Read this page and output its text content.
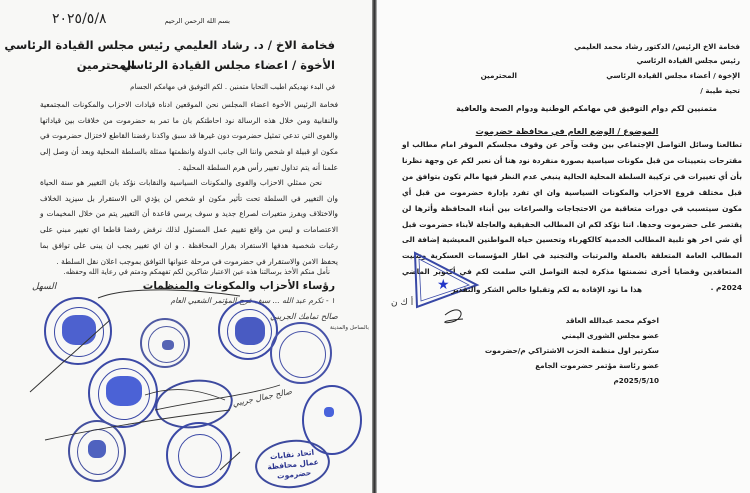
بسم الله الرحمن الرحيم
٢٠٢٥/٥/٨
فخامة الاخ / د. رشاد العليمي رئيس مجلس القيادة الرئاسي
الأخوة / اعضاء مجلس القيادة الرئاسي
المحترمين
في البدء نهديكم اطيب التحايا متمنين . لكم التوفيق في مهامكم الجسام
فخامة الرئيس الأخوة اعضاء المجلس نحن الموقعين ادناه قيادات الاحزاب والمكونات المجتمعية والنقابية ومن خلال هذه الرسالة نود احاطتكم بان ما تمر به حضرموت من خلافات بين قياداتها والقوى التي تدعي تمثيل حضرموت دون غيرها قد سبق واكدنا رفضنا القاطع لاختزال حضرموت في مكون او قبيلة او شخص واننا الى جانب الدولة وانظمتها ممثلة بالسلطة المحلية وبعد أن وصل إلى علمنا أنه يتم تداول تغيير رأس هرم السلطة المحلية .
نحن ممثلي الاحزاب والقوى والمكونات السياسية والنقابات نؤكد بان التغيير هو سنة الحياة وان التغيير في السلطة تحت تأثير مكون او شخص لن يؤدي الى الاستقرار بل سيزيد الخلاف والاختلاف ويفرز متغيرات لصراع جديد و سوف يرسي قاعدة أن التغيير يتم من خلال المخيمات و الاعتصامات و ليس من واقع تقييم عمل المسئول لذلك نرفض رفضا قاطعا اي تغيير مبني على رغبات شخصية هدفها الاستفراد بقرار المحافظة . و ان اي تغيير يجب ان يبنى على توافق بما يحفظ الامن والاستقرار في حضرموت في مرحلة عنوانها التوافق بموجب اعلان نقل السلطة .
نأمل منكم الأخذ برسالتنا هذه عين الاعتبار شاكرين لكم تفهمكم ودمتم في رعاية الله وحفظه.
رؤساء الأحزاب والمكونات والمنظمات
السهل
١ - تكرم عبد الله ... سيف فرج المؤتمر الشعبي العام
صالح تمامك الجريبي
بالساحل والمدينة
صالح جمال جريبي
اتحاد نقابات
عمال محافظة
حضرموت
فخامة الاخ الرئيس/ الدكتور رشاد محمد العليمي
رئيس مجلس القيادة الرئاسي
الإخوة / أعضاء مجلس القيادة الرئاسي
المحترمين
تحية طيبة /
متمنيين لكم دوام التوفيق في مهامكم الوطنية ودوام الصحة والعافية
الموضوع / الوضع العام في محافظة حضرموت
تطالعنا وسائل التواصل الإجتماعي بين وقت وآخر عن وقوف مجلسكم الموقر امام مطالب او مقترحات بتعيينات من قبل مكونات سياسية بصورة منفردة نود هنا أن نعبر لكم عن وجهة نظرنا بأن أي تغييرات في تركيبة السلطة المحلية الحالية ينبغي عدم النظر فيها مالم تكون بتوافق من قبل مختلف فروع الاحزاب والمكونات السياسية وان اي تفرد بإدارة حضرموت من قبل أي مكون سيتسبب في دورات متعاقبة من الاحتجاجات والصراعات بين أبناء المحافظة وأثرها لن يقتصر على حضرموت وحدها. اننا نؤكد لكم ان المطالب الحقيقية والعاجلة لأبناء حضرموت قبل أي شي اخر هو تلبية المطالب الخدمية كالكهرباء وتحسين حياة المواطنين المعيشية إضافة الى المطالب العامة المتعلقة بالعملة والمرتبات والتجنيد في اطار المؤسسات العسكرية وتثبيت المتعاقدين وقضايا أخرى تضمنتها مذكرة لجنة التواصل التي سلمت لكم في أكتوبر الماضي 2024م .
★
أ ك ن
هذا ما نود الإفادة به لكم وتقبلوا خالص الشكر والتقدير
اخوكم محمد عبدالله العاقد
عضو مجلس الشورى اليمني
سكرتير اول منظمة الحزب الاشتراكي م/حضرموت
عضو رئاسة مؤتمر حضرموت الجامع
2025/5/10م
